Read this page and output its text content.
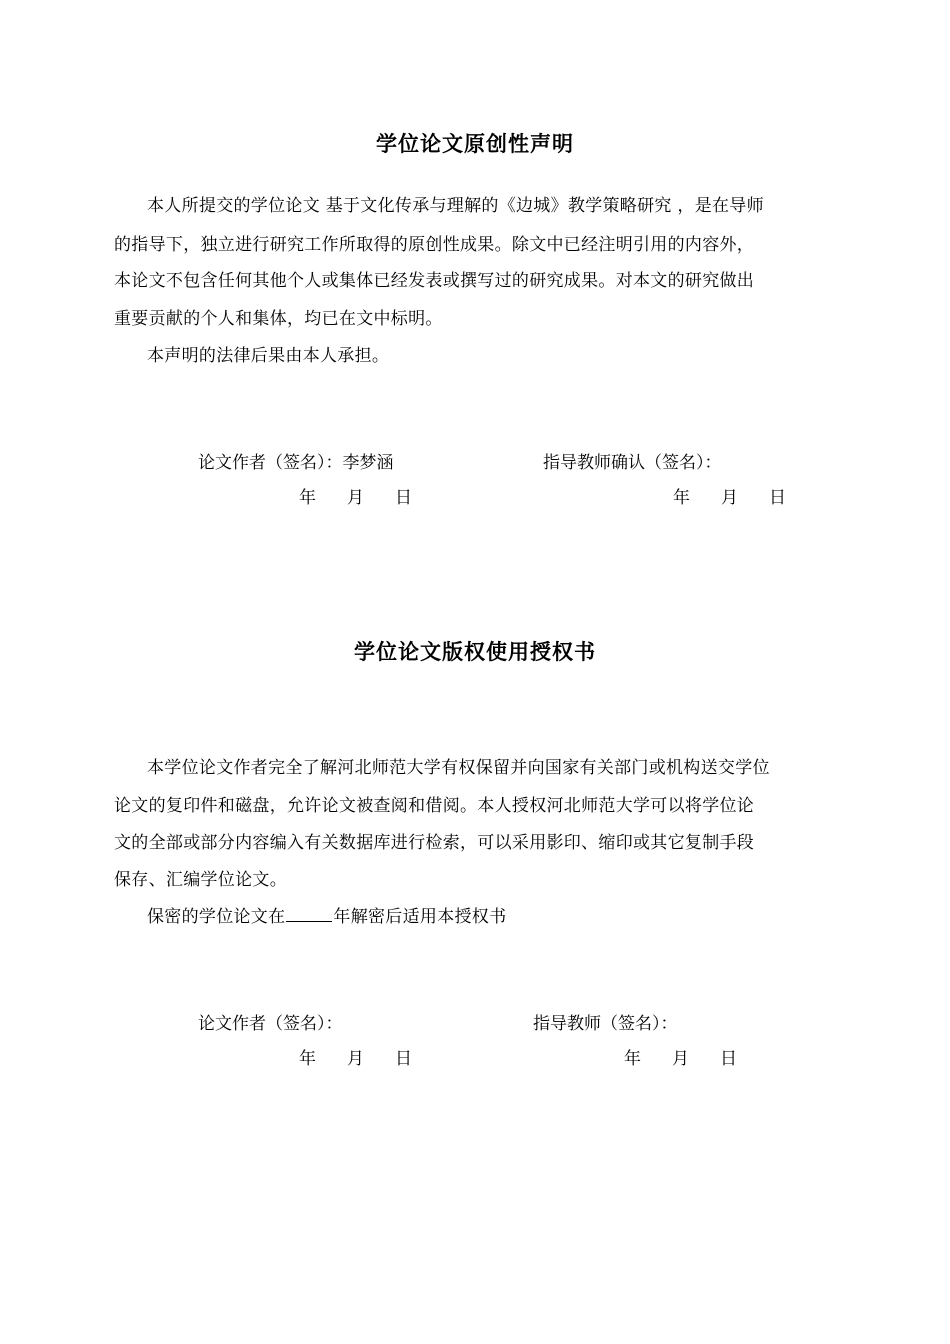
学位论文原创性声明
本人所提交的学位论文 基于文化传承与理解的《边城》教学策略研究 ，是在导师
的指导下，独立进行研究工作所取得的原创性成果。除文中已经注明引用的内容外，
本论文不包含任何其他个人或集体已经发表或撰写过的研究成果。对本文的研究做出
重要贡献的个人和集体，均已在文中标明。
本声明的法律后果由本人承担。
论文作者（签名）：李梦涵	指导教师确认（签名）：
年 月 日	年 月 日
学位论文版权使用授权书
本学位论文作者完全了解河北师范大学有权保留并向国家有关部门或机构送交学位
论文的复印件和磁盘，允许论文被查阅和借阅。本人授权河北师范大学可以将学位论
文的全部或部分内容编入有关数据库进行检索，可以采用影印、缩印或其它复制手段
保存、汇编学位论文。
保密的学位论文在	年解密后适用本授权书
论文作者（签名）：	指导教师（签名）：
年 月 日	年 月 日
